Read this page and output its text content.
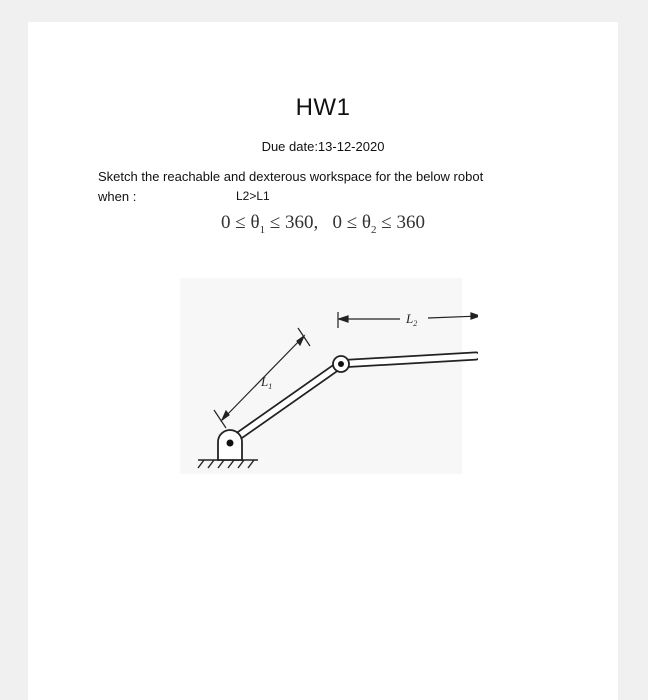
HW1
Due date:13-12-2020
Sketch the reachable and dexterous workspace for the below robot
when :	L2>L1
$0 \le \theta_1 \le 360$, $0 \le \theta_2 \le 360$
$L_1$
$L_2$
